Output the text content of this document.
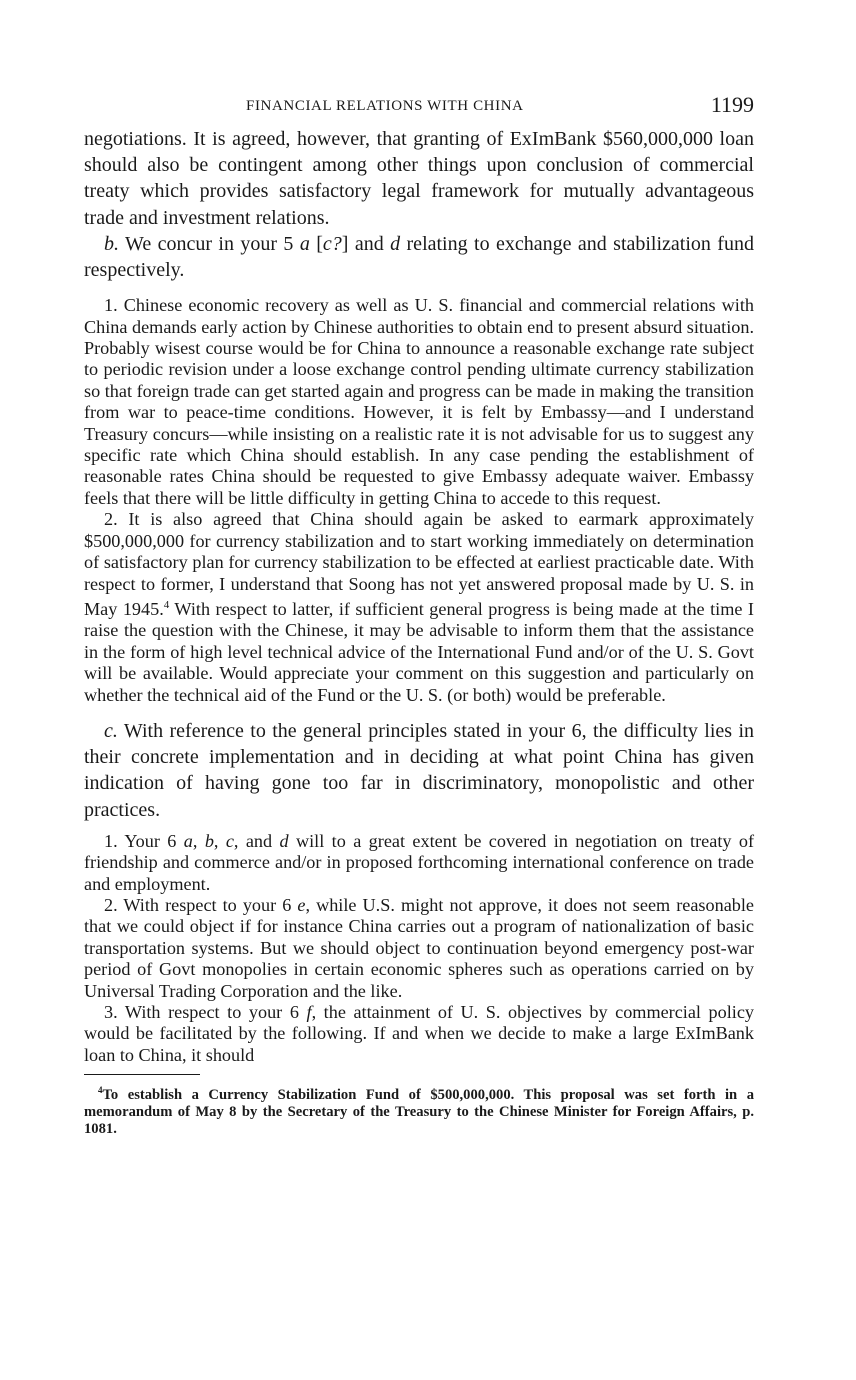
FINANCIAL RELATIONS WITH CHINA	1199

negotiations. It is agreed, however, that granting of ExImBank $560,000,000 loan should also be contingent among other things upon conclusion of commercial treaty which provides satisfactory legal framework for mutually advantageous trade and investment relations.

b. We concur in your 5 a [c?] and d relating to exchange and stabilization fund respectively.

1. Chinese economic recovery as well as U. S. financial and commercial relations with China demands early action by Chinese authorities to obtain end to present absurd situation. Probably wisest course would be for China to announce a reasonable exchange rate subject to periodic revision under a loose exchange control pending ultimate currency stabilization so that foreign trade can get started again and progress can be made in making the transition from war to peace-time conditions. However, it is felt by Embassy—and I understand Treasury concurs—while insisting on a realistic rate it is not advisable for us to suggest any specific rate which China should establish. In any case pending the establishment of reasonable rates China should be requested to give Embassy adequate waiver. Embassy feels that there will be little difficulty in getting China to accede to this request.

2. It is also agreed that China should again be asked to earmark approximately $500,000,000 for currency stabilization and to start working immediately on determination of satisfactory plan for currency stabilization to be effected at earliest practicable date. With respect to former, I understand that Soong has not yet answered proposal made by U. S. in May 1945.$^4$ With respect to latter, if sufficient general progress is being made at the time I raise the question with the Chinese, it may be advisable to inform them that the assistance in the form of high level technical advice of the International Fund and/or of the U. S. Govt will be available. Would appreciate your comment on this suggestion and particularly on whether the technical aid of the Fund or the U. S. (or both) would be preferable.

c. With reference to the general principles stated in your 6, the difficulty lies in their concrete implementation and in deciding at what point China has given indication of having gone too far in discriminatory, monopolistic and other practices.

1. Your 6 a, b, c, and d will to a great extent be covered in negotiation on treaty of friendship and commerce and/or in proposed forthcoming international conference on trade and employment.

2. With respect to your 6 e, while U.S. might not approve, it does not seem reasonable that we could object if for instance China carries out a program of nationalization of basic transportation systems. But we should object to continuation beyond emergency post-war period of Govt monopolies in certain economic spheres such as operations carried on by Universal Trading Corporation and the like.

3. With respect to your 6 f, the attainment of U. S. objectives by commercial policy would be facilitated by the following. If and when we decide to make a large ExImBank loan to China, it should

$^4$To establish a Currency Stabilization Fund of $500,000,000. This proposal was set forth in a memorandum of May 8 by the Secretary of the Treasury to the Chinese Minister for Foreign Affairs, p. 1081.
